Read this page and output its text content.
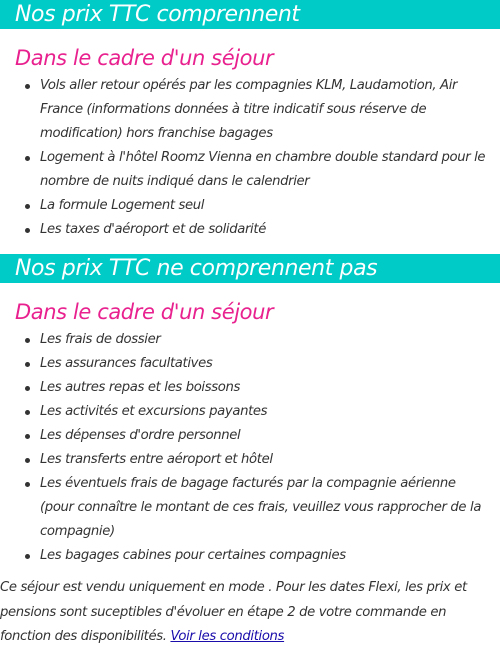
Nos prix TTC comprennent
Dans le cadre d'un séjour
Vols aller retour opérés par les compagnies KLM, Laudamotion, Air France (informations données à titre indicatif sous réserve de modification) hors franchise bagages
Logement à l'hôtel Roomz Vienna en chambre double standard pour le nombre de nuits indiqué dans le calendrier
La formule Logement seul
Les taxes d'aéroport et de solidarité
Nos prix TTC ne comprennent pas
Dans le cadre d'un séjour
Les frais de dossier
Les assurances facultatives
Les autres repas et les boissons
Les activités et excursions payantes
Les dépenses d'ordre personnel
Les transferts entre aéroport et hôtel
Les éventuels frais de bagage facturés par la compagnie aérienne (pour connaître le montant de ces frais, veuillez vous rapprocher de la compagnie)
Les bagages cabines pour certaines compagnies

Ce séjour est vendu uniquement en mode . Pour les dates Flexi, les prix et pensions sont suceptibles d'évoluer en étape 2 de votre commande en fonction des disponibilités. Voir les conditions
